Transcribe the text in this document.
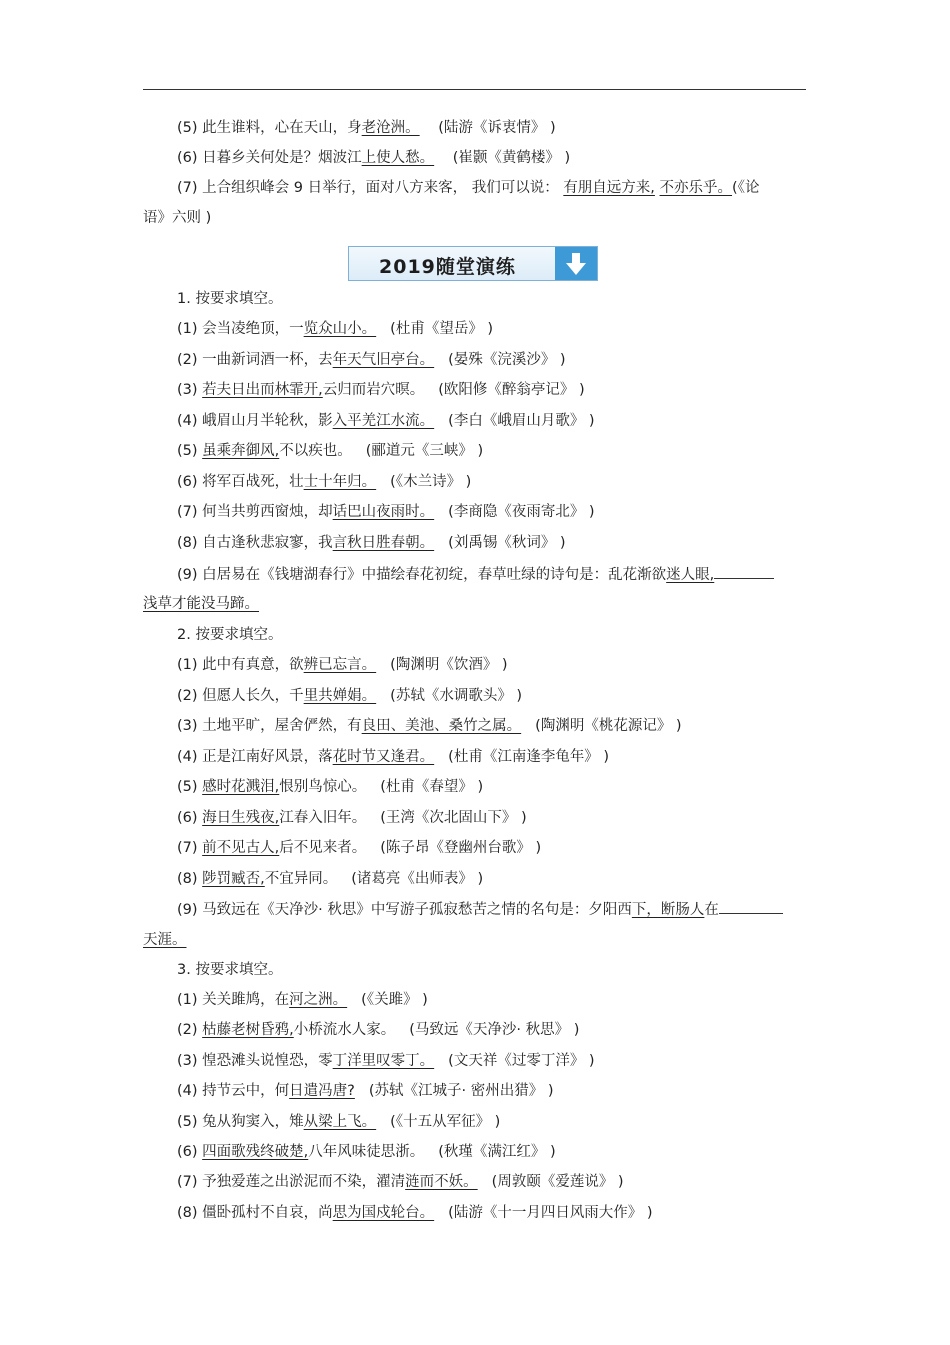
(5) 此生谁料，心在天山，身老沧洲。 (陆游《诉衷情》 )
(6) 日暮乡关何处是？烟波江上使人愁。 (崔颢《黄鹤楼》 )
(7) 上合组织峰会 9 日举行，面对八方来客， 我们可以说： 有朋自远方来, 不亦乐乎。(《论
语》六则 )
2019随堂演练
1. 按要求填空。
(1) 会当凌绝顶，一览众山小。 (杜甫《望岳》 )
(2) 一曲新词酒一杯，去年天气旧亭台。 (晏殊《浣溪沙》 )
(3) 若夫日出而林霏开,云归而岩穴暝。 (欧阳修《醉翁亭记》 )
(4) 峨眉山月半轮秋，影入平羌江水流。 (李白《峨眉山月歌》 )
(5) 虽乘奔御风,不以疾也。 (郦道元《三峡》 )
(6) 将军百战死，壮士十年归。 (《木兰诗》 )
(7) 何当共剪西窗烛，却话巴山夜雨时。 (李商隐《夜雨寄北》 )
(8) 自古逢秋悲寂寥，我言秋日胜春朝。 (刘禹锡《秋词》 )
(9) 白居易在《钱塘湖春行》中描绘春花初绽，春草吐绿的诗句是：乱花渐欲迷人眼,
浅草才能没马蹄。
2. 按要求填空。
(1) 此中有真意，欲辨已忘言。 (陶渊明《饮酒》 )
(2) 但愿人长久，千里共婵娟。 (苏轼《水调歌头》 )
(3) 土地平旷，屋舍俨然，有良田、美池、桑竹之属。 (陶渊明《桃花源记》 )
(4) 正是江南好风景，落花时节又逢君。 (杜甫《江南逢李龟年》 )
(5) 感时花溅泪,恨别鸟惊心。 (杜甫《春望》 )
(6) 海日生残夜,江春入旧年。 (王湾《次北固山下》 )
(7) 前不见古人,后不见来者。 (陈子昂《登幽州台歌》 )
(8) 陟罚臧否,不宜异同。 (诸葛亮《出师表》 )
(9) 马致远在《天净沙· 秋思》中写游子孤寂愁苦之情的名句是：夕阳西下，断肠人在
天涯。
3. 按要求填空。
(1) 关关雎鸠，在河之洲。 (《关雎》 )
(2) 枯藤老树昏鸦,小桥流水人家。 (马致远《天净沙· 秋思》 )
(3) 惶恐滩头说惶恐，零丁洋里叹零丁。 (文天祥《过零丁洋》 )
(4) 持节云中，何日遣冯唐? (苏轼《江城子· 密州出猎》 )
(5) 兔从狗窦入，雉从梁上飞。 (《十五从军征》 )
(6) 四面歌残终破楚,八年风味徒思浙。 (秋瑾《满江红》 )
(7) 予独爱莲之出淤泥而不染，濯清涟而不妖。 (周敦颐《爱莲说》 )
(8) 僵卧孤村不自哀，尚思为国戍轮台。 (陆游《十一月四日风雨大作》 )
